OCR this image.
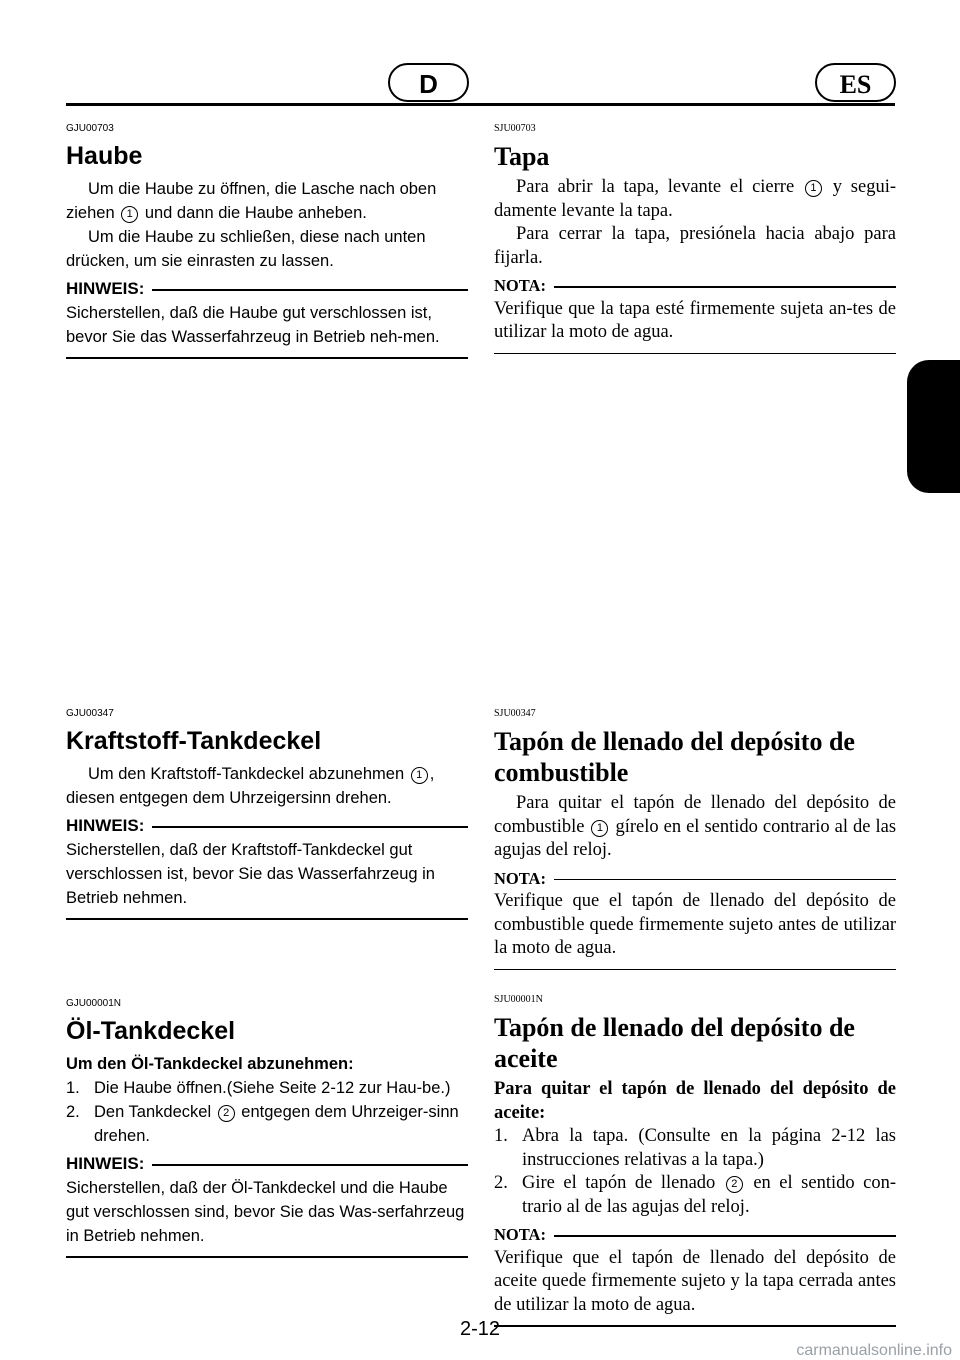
D	ES
GJU00703
Haube

Um die Haube zu öffnen, die Lasche nach oben ziehen 1 und dann die Haube anheben.

Um die Haube zu schließen, diese nach unten drücken, um sie einrasten zu lassen.

HINWEIS:

Sicherstellen, daß die Haube gut verschlossen ist, bevor Sie das Wasserfahrzeug in Betrieb neh-men.

SJU00703
Tapa

Para abrir la tapa, levante el cierre 1 y segui-damente levante la tapa.

Para cerrar la tapa, presiónela hacia abajo para fijarla.

NOTA:

Verifique que la tapa esté firmemente sujeta an-tes de utilizar la moto de agua.

GJU00347
Kraftstoff-Tankdeckel

Um den Kraftstoff-Tankdeckel abzunehmen 1 , diesen entgegen dem Uhrzeigersinn drehen.

HINWEIS:

Sicherstellen, daß der Kraftstoff-Tankdeckel gut verschlossen ist, bevor Sie das Wasserfahrzeug in Betrieb nehmen.

SJU00347
Tapón de llenado del depósito de combustible

Para quitar el tapón de llenado del depósito de combustible 1 gírelo en el sentido contrario al de las agujas del reloj.

NOTA:

Verifique que el tapón de llenado del depósito de combustible quede firmemente sujeto antes de utilizar la moto de agua.

GJU00001N
Öl-Tankdeckel

Um den Öl-Tankdeckel abzunehmen:

1. Die Haube öffnen.(Siehe Seite 2-12 zur Hau-be.)
2. Den Tankdeckel 2 entgegen dem Uhrzeiger-sinn drehen.
HINWEIS:

Sicherstellen, daß der Öl-Tankdeckel und die Haube gut verschlossen sind, bevor Sie das Was-serfahrzeug in Betrieb nehmen.

SJU00001N
Tapón de llenado del depósito de aceite

Para quitar el tapón de llenado del depósito de aceite:

1. Abra la tapa. (Consulte en la página 2-12 las instrucciones relativas a la tapa.)
2. Gire el tapón de llenado 2 en el sentido con-trario al de las agujas del reloj.
NOTA:

Verifique que el tapón de llenado del depósito de aceite quede firmemente sujeto y la tapa cerrada antes de utilizar la moto de agua.

2-12
carmanualsonline.info
